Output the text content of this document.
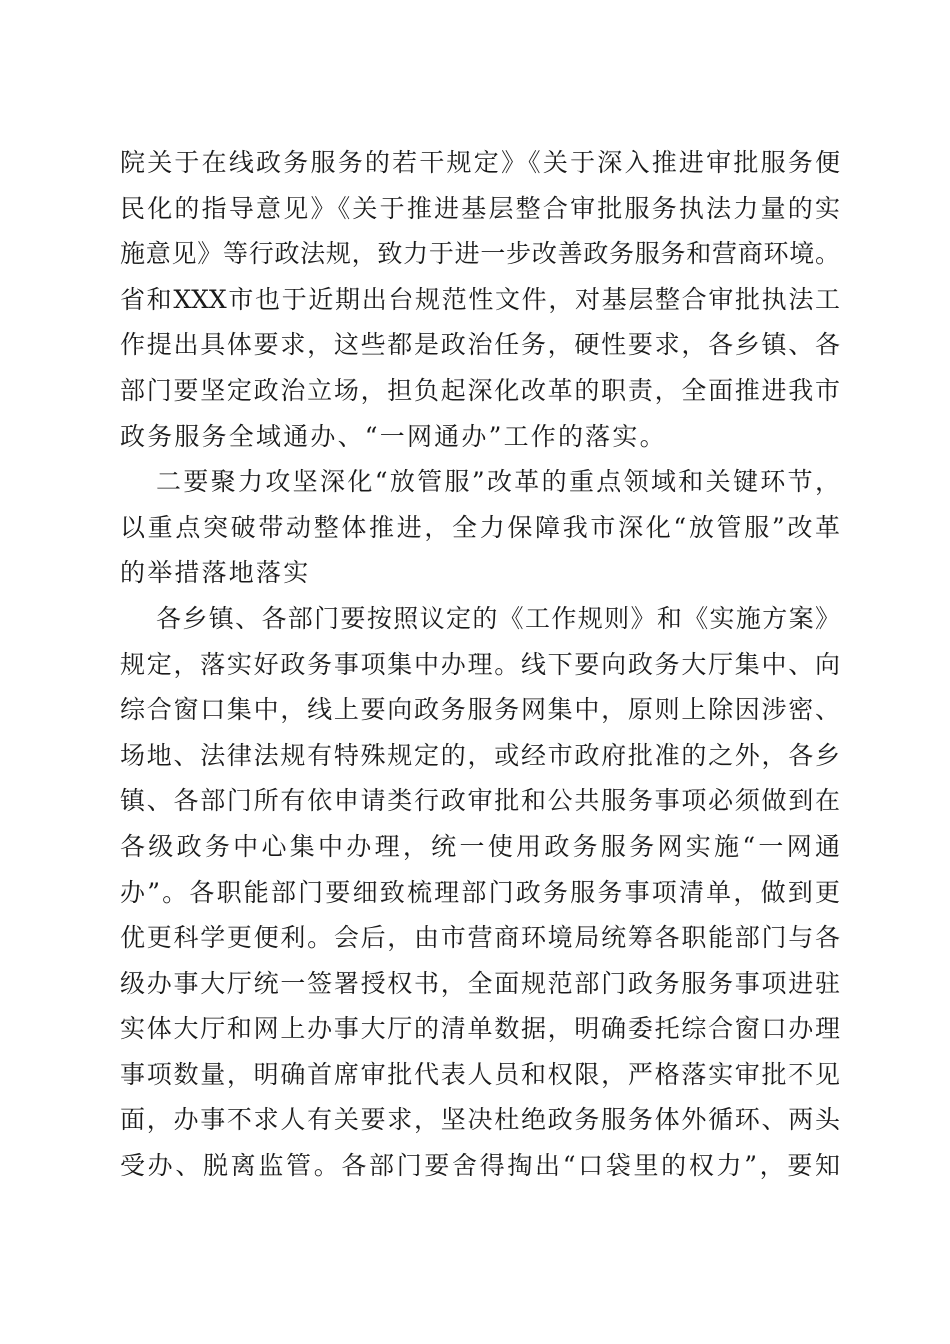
院关于在线政务服务的若干规定》《关于深入推进审批服务便
民化的指导意见》《关于推进基层整合审批服务执法力量的实
施意见》等行政法规，致力于进一步改善政务服务和营商环境。
省和XXX市也于近期出台规范性文件，对基层整合审批执法工
作提出具体要求，这些都是政治任务，硬性要求，各乡镇、各
部门要坚定政治立场，担负起深化改革的职责，全面推进我市
政务服务全域通办、“一网通办”工作的落实。
二要聚力攻坚深化“放管服”改革的重点领域和关键环节，
以重点突破带动整体推进，全力保障我市深化“放管服”改革
的举措落地落实
各乡镇、各部门要按照议定的《工作规则》和《实施方案》
规定，落实好政务事项集中办理。线下要向政务大厅集中、向
综合窗口集中，线上要向政务服务网集中，原则上除因涉密、
场地、法律法规有特殊规定的，或经市政府批准的之外，各乡
镇、各部门所有依申请类行政审批和公共服务事项必须做到在
各级政务中心集中办理，统一使用政务服务网实施“一网通
办”。各职能部门要细致梳理部门政务服务事项清单，做到更
优更科学更便利。会后，由市营商环境局统筹各职能部门与各
级办事大厅统一签署授权书，全面规范部门政务服务事项进驻
实体大厅和网上办事大厅的清单数据，明确委托综合窗口办理
事项数量，明确首席审批代表人员和权限，严格落实审批不见
面，办事不求人有关要求，坚决杜绝政务服务体外循环、两头
受办、脱离监管。各部门要舍得掏出“口袋里的权力”，要知
